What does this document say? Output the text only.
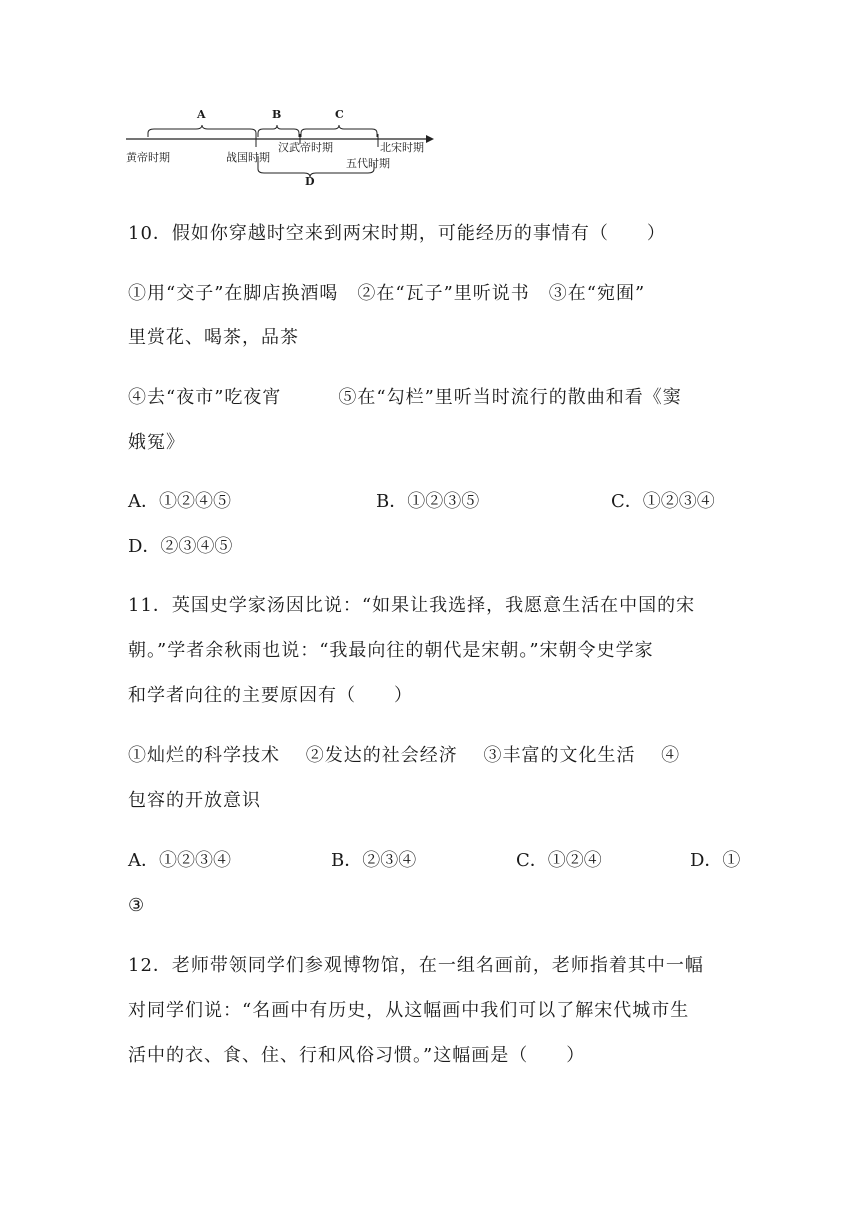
A	B	C
D
黄帝时期	战国时期
汉武帝时期	北宋时期
五代时期
10．假如你穿越时空来到两宋时期，可能经历的事情有（　　）
①用“交子”在脚店换酒喝　②在“瓦子”里听说书　③在“宛囿”
里赏花、喝茶，品茶
④去“夜市”吃夜宵　　　⑤在“勾栏”里听当时流行的散曲和看《窦
娥冤》
A．①②④⑤	B．①②③⑤	C．①②③④
D．②③④⑤
11．英国史学家汤因比说：“如果让我选择，我愿意生活在中国的宋
朝。”学者余秋雨也说：“我最向往的朝代是宋朝。”宋朝令史学家
和学者向往的主要原因有（　　）
①灿烂的科学技术　 ②发达的社会经济　 ③丰富的文化生活　 ④
包容的开放意识
A．①②③④	B．②③④	C．①②④	D．①
③
12．老师带领同学们参观博物馆，在一组名画前，老师指着其中一幅
对同学们说：“名画中有历史，从这幅画中我们可以了解宋代城市生
活中的衣、食、住、行和风俗习惯。”这幅画是（　　）
